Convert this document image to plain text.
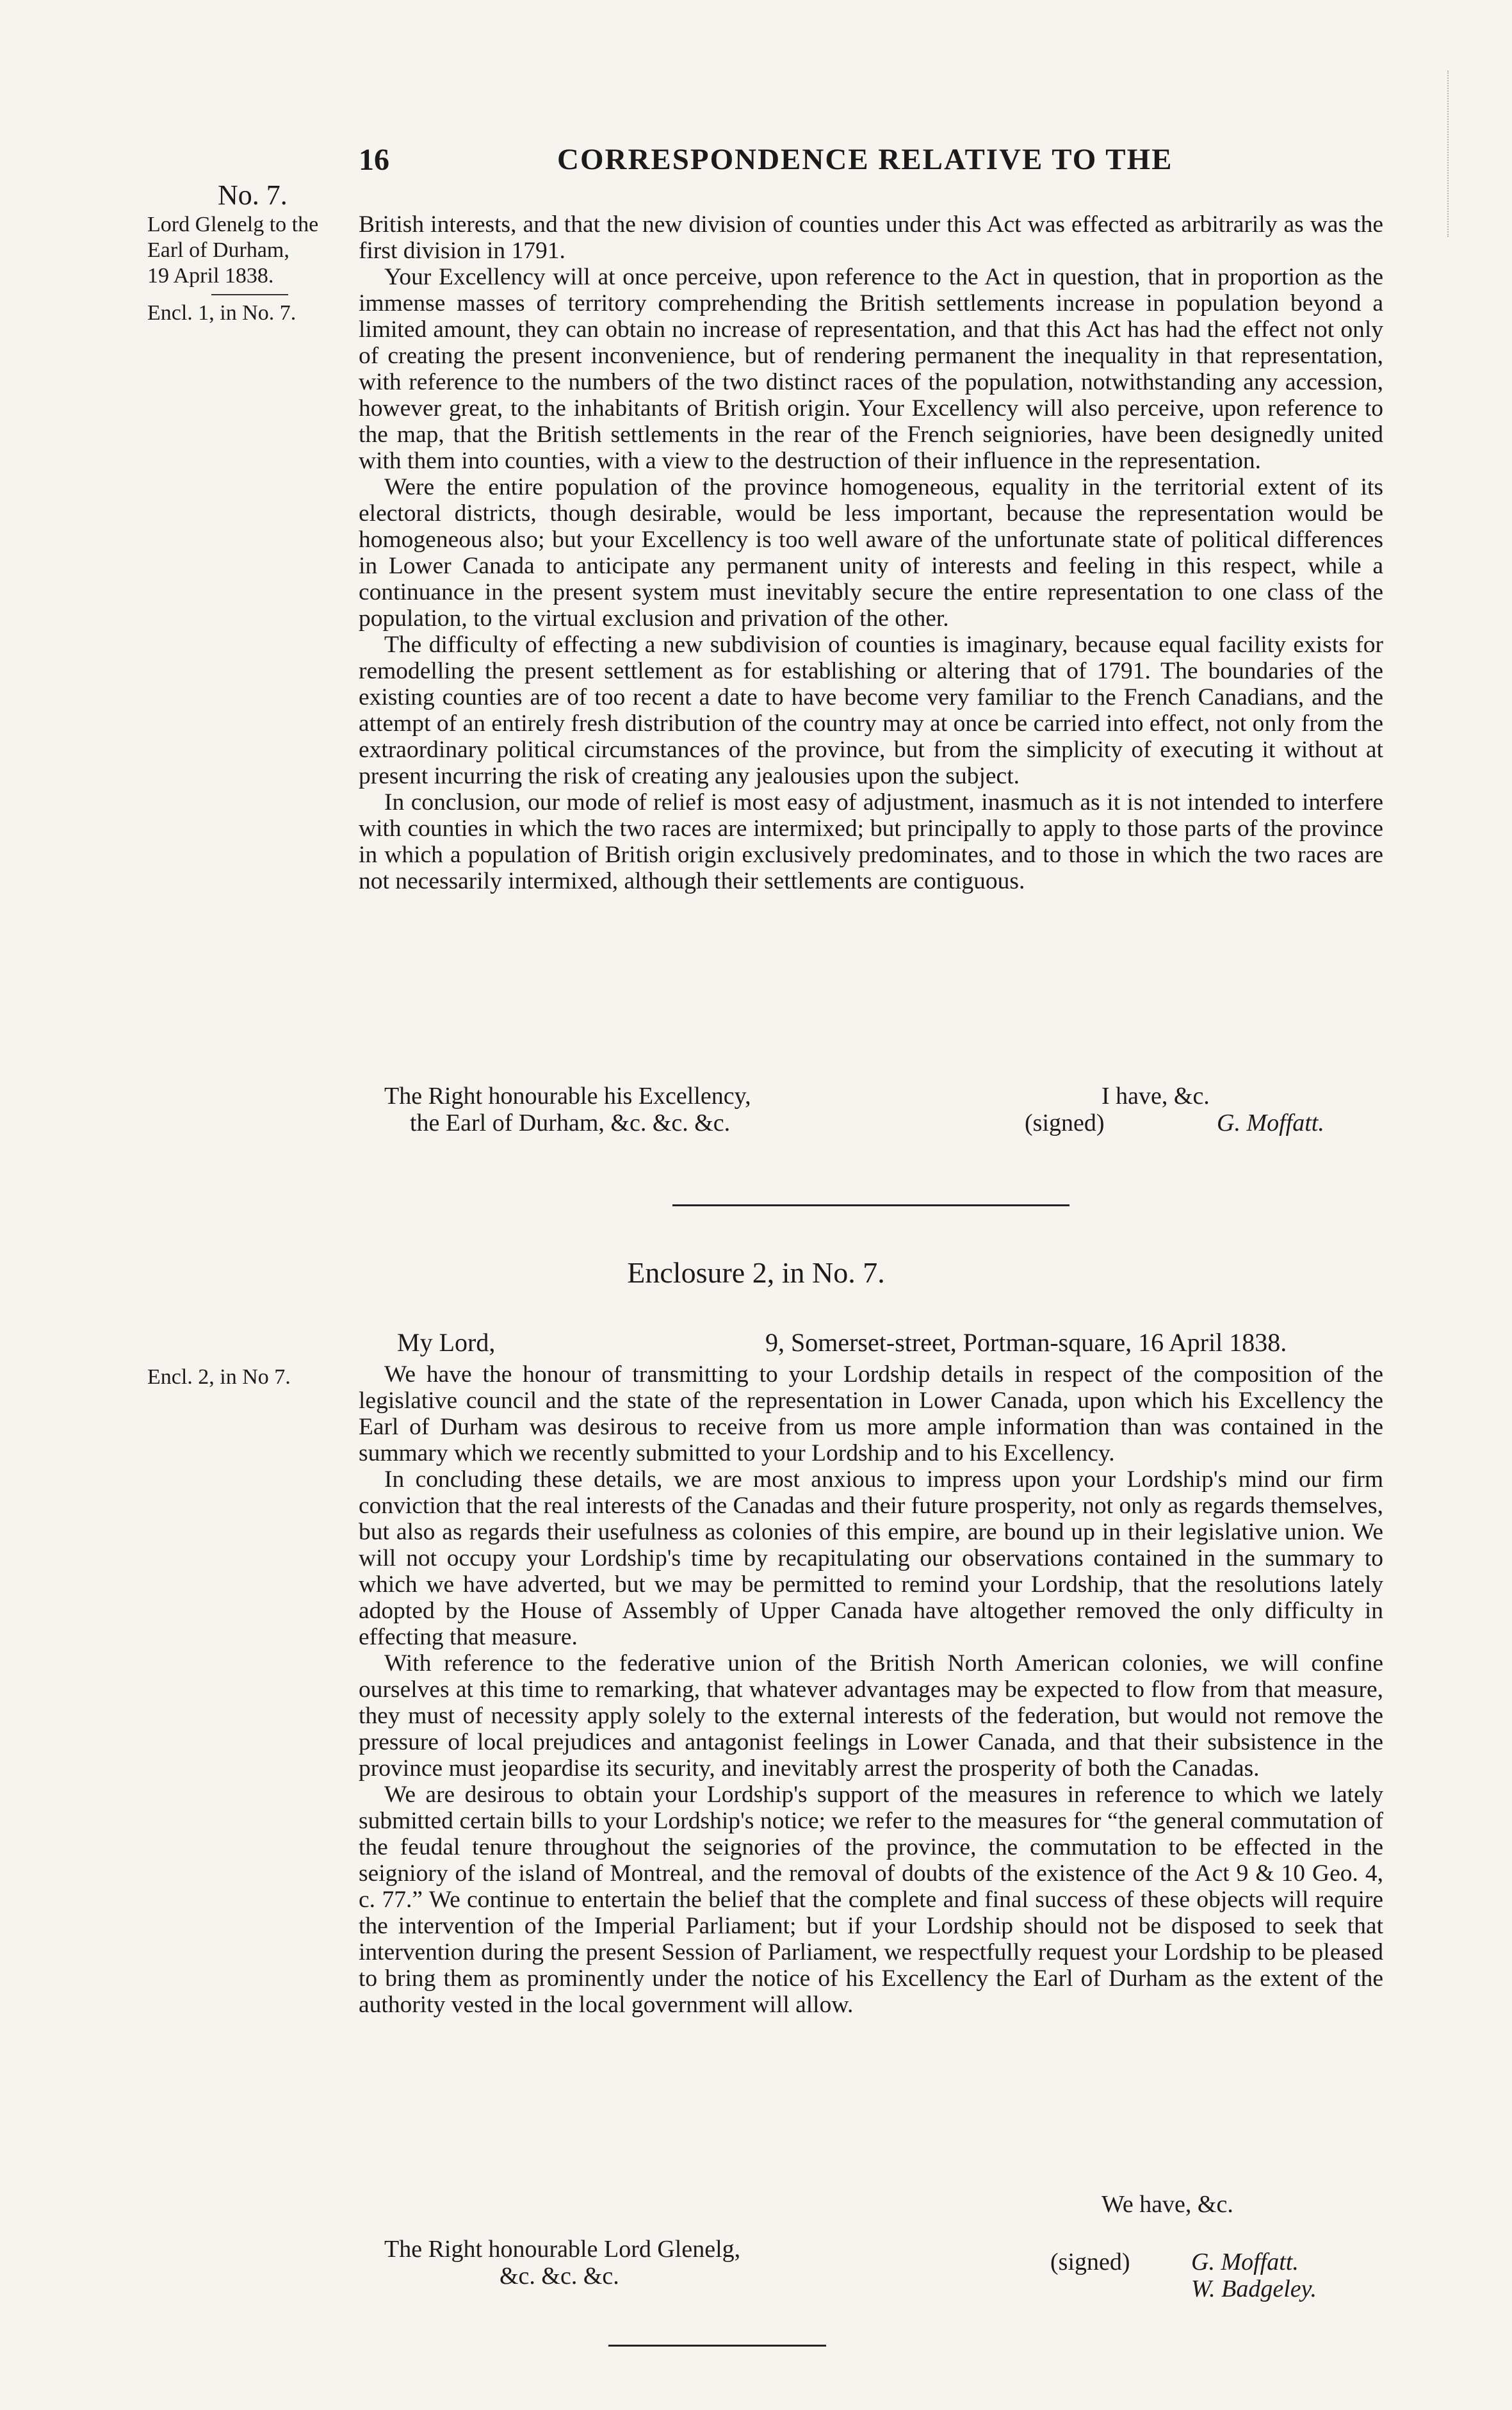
16	CORRESPONDENCE RELATIVE TO THE
No. 7.
Lord Glenelg to the
Earl of Durham,
19 April 1838.
Encl. 1, in No. 7.

British interests, and that the new division of counties under this Act was effected as arbitrarily as was the first division in 1791.

Your Excellency will at once perceive, upon reference to the Act in question, that in proportion as the immense masses of territory comprehending the British settlements increase in population beyond a limited amount, they can obtain no increase of representation, and that this Act has had the effect not only of creating the present inconvenience, but of rendering permanent the inequality in that representation, with reference to the numbers of the two distinct races of the population, notwithstanding any accession, however great, to the inhabitants of British origin. Your Excellency will also perceive, upon reference to the map, that the British settlements in the rear of the French seigniories, have been designedly united with them into counties, with a view to the destruction of their influence in the representation.

Were the entire population of the province homogeneous, equality in the territorial extent of its electoral districts, though desirable, would be less important, because the representation would be homogeneous also; but your Excellency is too well aware of the unfortunate state of political differences in Lower Canada to anticipate any permanent unity of interests and feeling in this respect, while a continuance in the present system must inevitably secure the entire representation to one class of the population, to the virtual exclusion and privation of the other.

The difficulty of effecting a new subdivision of counties is imaginary, because equal facility exists for remodelling the present settlement as for establishing or altering that of 1791. The boundaries of the existing counties are of too recent a date to have become very familiar to the French Canadians, and the attempt of an entirely fresh distribution of the country may at once be carried into effect, not only from the extraordinary political circumstances of the province, but from the simplicity of executing it without at present incurring the risk of creating any jealousies upon the subject.

In conclusion, our mode of relief is most easy of adjustment, inasmuch as it is not intended to interfere with counties in which the two races are intermixed; but principally to apply to those parts of the province in which a population of British origin exclusively predominates, and to those in which the two races are not necessarily intermixed, although their settlements are contiguous.

The Right honourable his Excellency,
the Earl of Durham, &c. &c. &c.
I have, &c.
(signed)	G. Moffatt.
Enclosure 2, in No. 7.
My Lord,	9, Somerset-street, Portman-square, 16 April 1838.
Encl. 2, in No 7.	We have the honour of transmitting to your Lordship details in respect of the composition of the legislative council and the state of the representation in Lower Canada, upon which his Excellency the Earl of Durham was desirous to receive from us more ample information than was contained in the summary which we recently submitted to your Lordship and to his Excellency.

In concluding these details, we are most anxious to impress upon your Lordship's mind our firm conviction that the real interests of the Canadas and their future prosperity, not only as regards themselves, but also as regards their usefulness as colonies of this empire, are bound up in their legislative union. We will not occupy your Lordship's time by recapitulating our observations contained in the summary to which we have adverted, but we may be permitted to remind your Lordship, that the resolutions lately adopted by the House of Assembly of Upper Canada have altogether removed the only difficulty in effecting that measure.

With reference to the federative union of the British North American colonies, we will confine ourselves at this time to remarking, that whatever advantages may be expected to flow from that measure, they must of necessity apply solely to the external interests of the federation, but would not remove the pressure of local prejudices and antagonist feelings in Lower Canada, and that their subsistence in the province must jeopardise its security, and inevitably arrest the prosperity of both the Canadas.

We are desirous to obtain your Lordship's support of the measures in reference to which we lately submitted certain bills to your Lordship's notice; we refer to the measures for “the general commutation of the feudal tenure throughout the seignories of the province, the commutation to be effected in the seigniory of the island of Montreal, and the removal of doubts of the existence of the Act 9 & 10 Geo. 4, c. 77.” We continue to entertain the belief that the complete and final success of these objects will require the intervention of the Imperial Parliament; but if your Lordship should not be disposed to seek that intervention during the present Session of Parliament, we respectfully request your Lordship to be pleased to bring them as prominently under the notice of his Excellency the Earl of Durham as the extent of the authority vested in the local government will allow.

We have, &c.
The Right honourable Lord Glenelg,
&c. &c. &c.
(signed)	G. Moffatt.
W. Badgeley.
